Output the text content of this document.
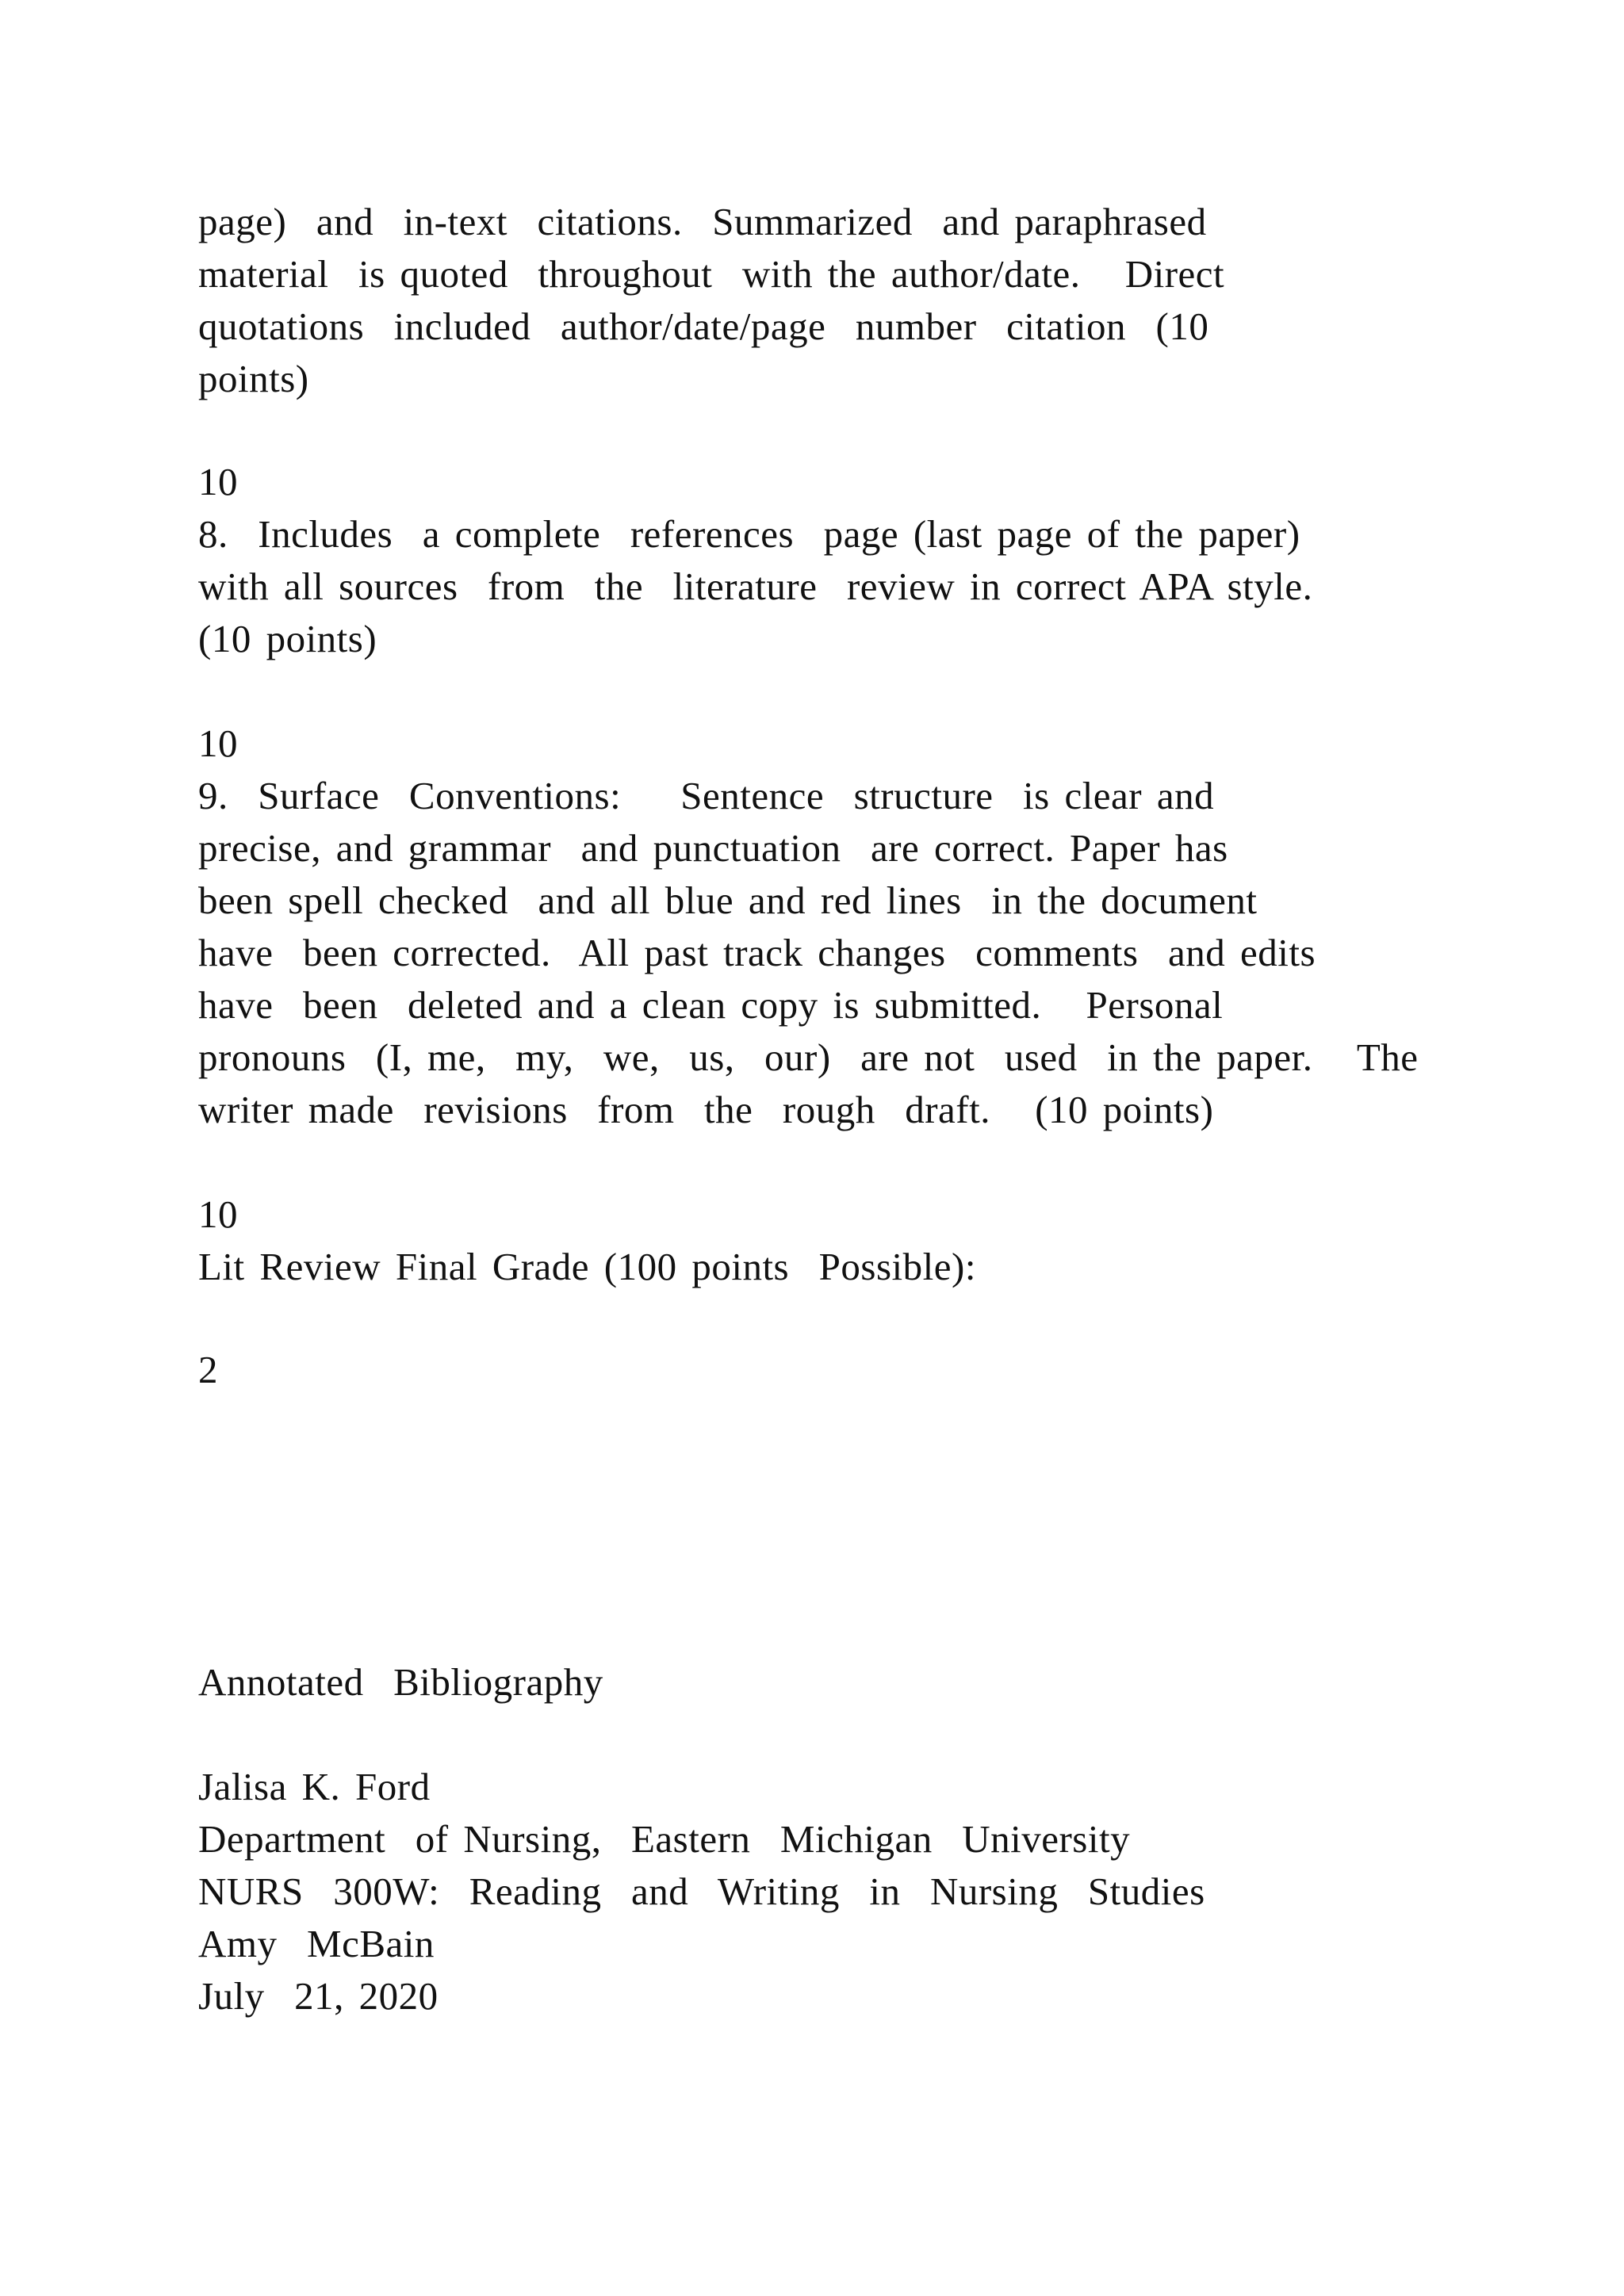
page)  and  in-text  citations.  Summarized  and paraphrased
material  is quoted  throughout  with the author/date.   Direct
quotations  included  author/date/page  number  citation  (10
points)
10
8.  Includes  a complete  references  page (last page of the paper)
with all sources  from  the  literature  review in correct APA style.
(10 points)
10
9.  Surface  Conventions:    Sentence  structure  is clear and
precise, and grammar  and punctuation  are correct. Paper has
been spell checked  and all blue and red lines  in the document
have  been corrected.  All past track changes  comments  and edits
have  been  deleted and a clean copy is submitted.   Personal
pronouns  (I, me,  my,  we,  us,  our)  are not  used  in the paper.   The
writer made  revisions  from  the  rough  draft.   (10 points)
10
Lit Review Final Grade (100 points  Possible):
2
Annotated  Bibliography
Jalisa K. Ford
Department  of Nursing,  Eastern  Michigan  University
NURS  300W:  Reading  and  Writing  in  Nursing  Studies
Amy  McBain
July  21, 2020
